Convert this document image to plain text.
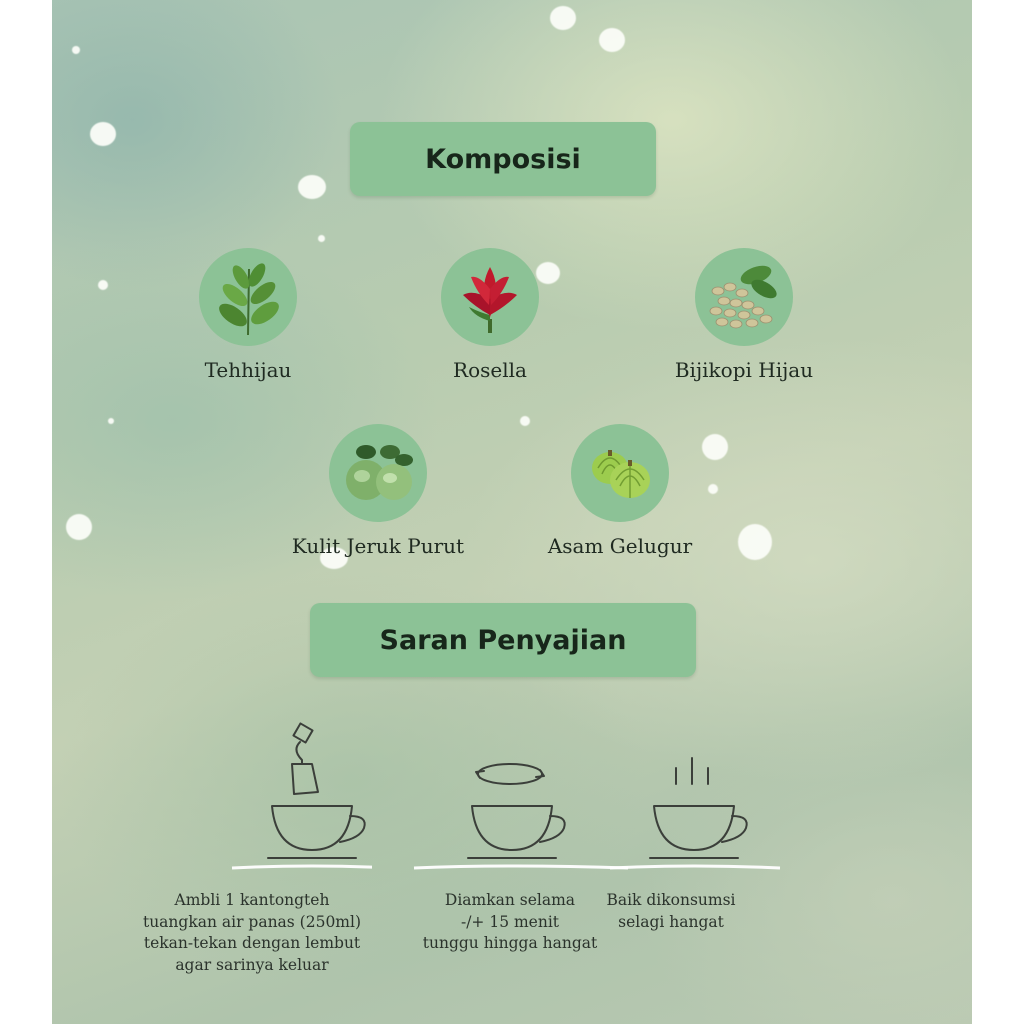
Komposisi
Tehhijau	Rosella	Bijikopi Hijau
Kulit Jeruk Purut	Asam Gelugur
Saran Penyajian
Ambli 1 kantongteh
tuangkan air panas (250ml)
tekan-tekan dengan lembut
agar sarinya keluar
Diamkan selama
-/+ 15 menit
tunggu hingga hangat
Baik dikonsumsi
selagi hangat
